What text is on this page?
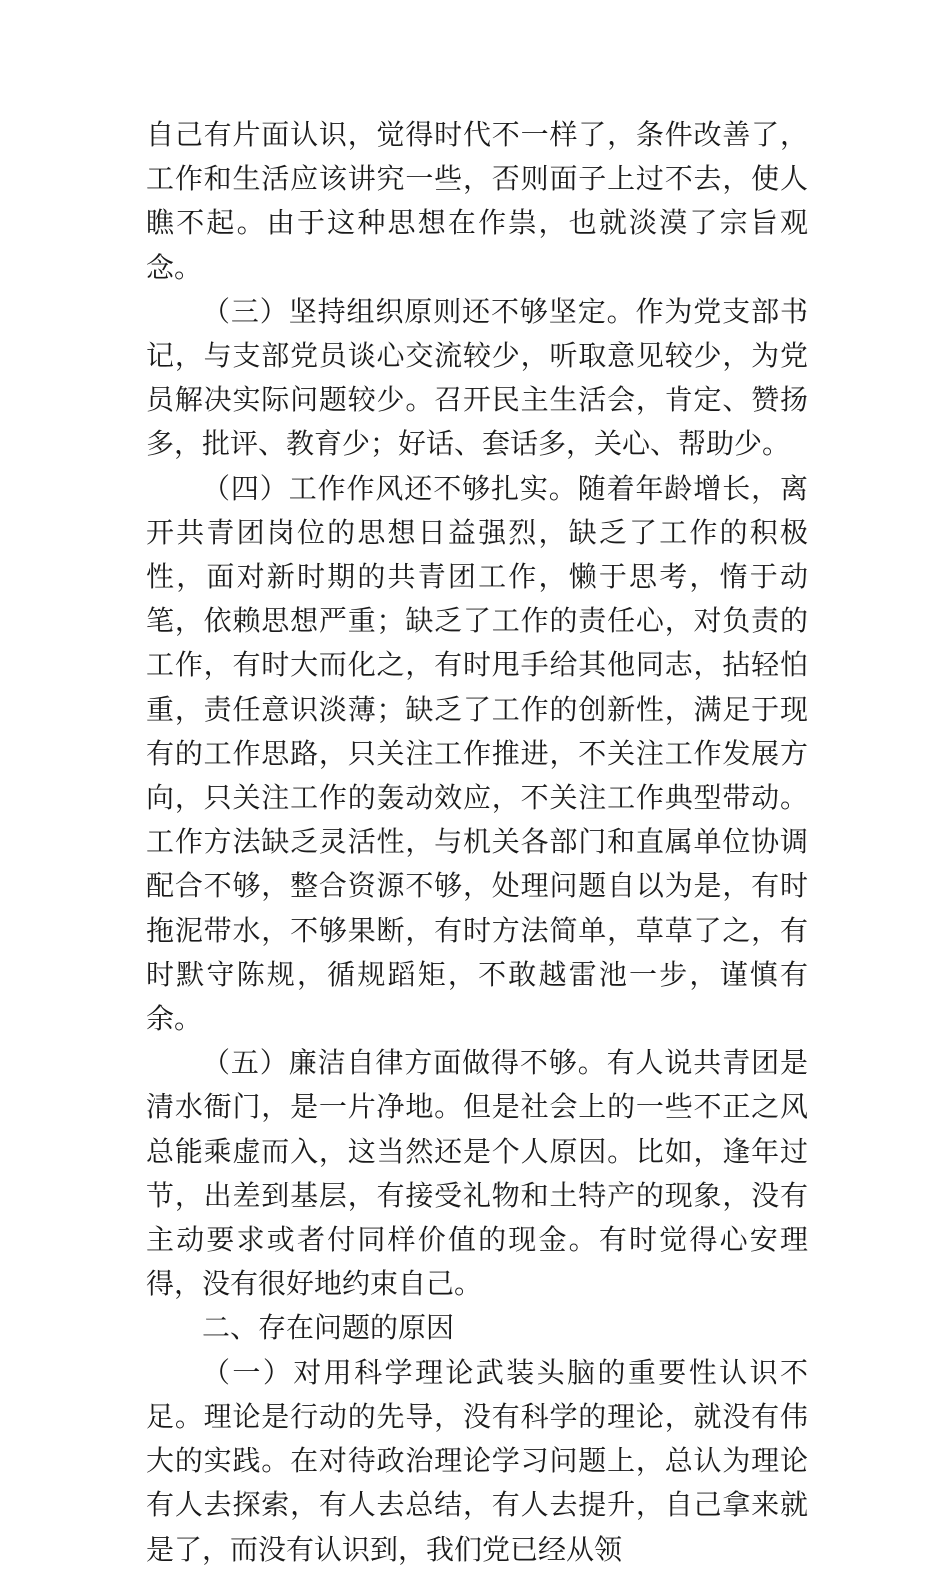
自己有片面认识，觉得时代不一样了，条件改善了，工作和生活应该讲究一些，否则面子上过不去，使人瞧不起。由于这种思想在作祟，也就淡漠了宗旨观念。

（三）坚持组织原则还不够坚定。作为党支部书记，与支部党员谈心交流较少，听取意见较少，为党员解决实际问题较少。召开民主生活会，肯定、赞扬多，批评、教育少；好话、套话多，关心、帮助少。

（四）工作作风还不够扎实。随着年龄增长，离开共青团岗位的思想日益强烈，缺乏了工作的积极性，面对新时期的共青团工作，懒于思考，惰于动笔，依赖思想严重；缺乏了工作的责任心，对负责的工作，有时大而化之，有时甩手给其他同志，拈轻怕重，责任意识淡薄；缺乏了工作的创新性，满足于现有的工作思路，只关注工作推进，不关注工作发展方向，只关注工作的轰动效应，不关注工作典型带动。工作方法缺乏灵活性，与机关各部门和直属单位协调配合不够，整合资源不够，处理问题自以为是，有时拖泥带水，不够果断，有时方法简单，草草了之，有时默守陈规，循规蹈矩，不敢越雷池一步，谨慎有余。

（五）廉洁自律方面做得不够。有人说共青团是清水衙门，是一片净地。但是社会上的一些不正之风总能乘虚而入，这当然还是个人原因。比如，逢年过节，出差到基层，有接受礼物和土特产的现象，没有主动要求或者付同样价值的现金。有时觉得心安理得，没有很好地约束自己。

二、存在问题的原因

（一）对用科学理论武装头脑的重要性认识不足。理论是行动的先导，没有科学的理论，就没有伟大的实践。在对待政治理论学习问题上，总认为理论有人去探索，有人去总结，有人去提升，自己拿来就是了，而没有认识到，我们党已经从领
